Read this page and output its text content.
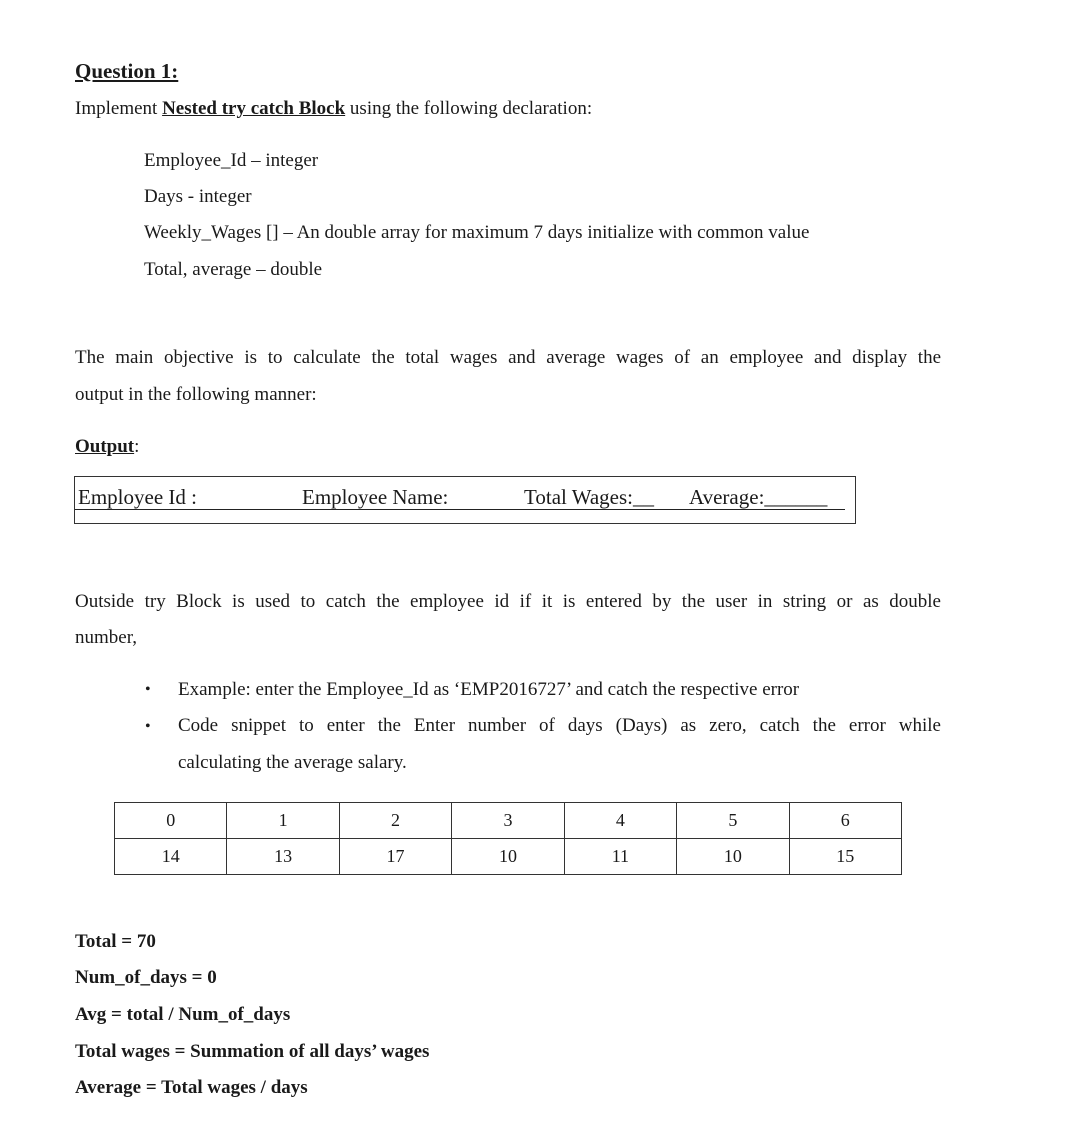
Question 1:
Implement Nested try catch Block using the following declaration:
Employee_Id – integer
Days - integer
Weekly_Wages [] – An double array for maximum 7 days initialize with common value
Total, average – double
The main objective is to calculate the total wages and average wages of an employee and display the
output in the following manner:
Output:
Employee Id :	Employee Name:	Total Wages:__ Average:______
Outside try Block is used to catch the employee id if it is entered by the user in string or as double
number,
• Example: enter the Employee_Id as ‘EMP2016727’ and catch the respective error
• Code snippet to enter the Enter number of days (Days) as zero, catch the error while
calculating the average salary.
0	1	2	3	4	5	6
14	13	17	10	11	10	15
Total = 70
Num_of_days = 0
Avg = total / Num_of_days
Total wages = Summation of all days’ wages
Average = Total wages / days
